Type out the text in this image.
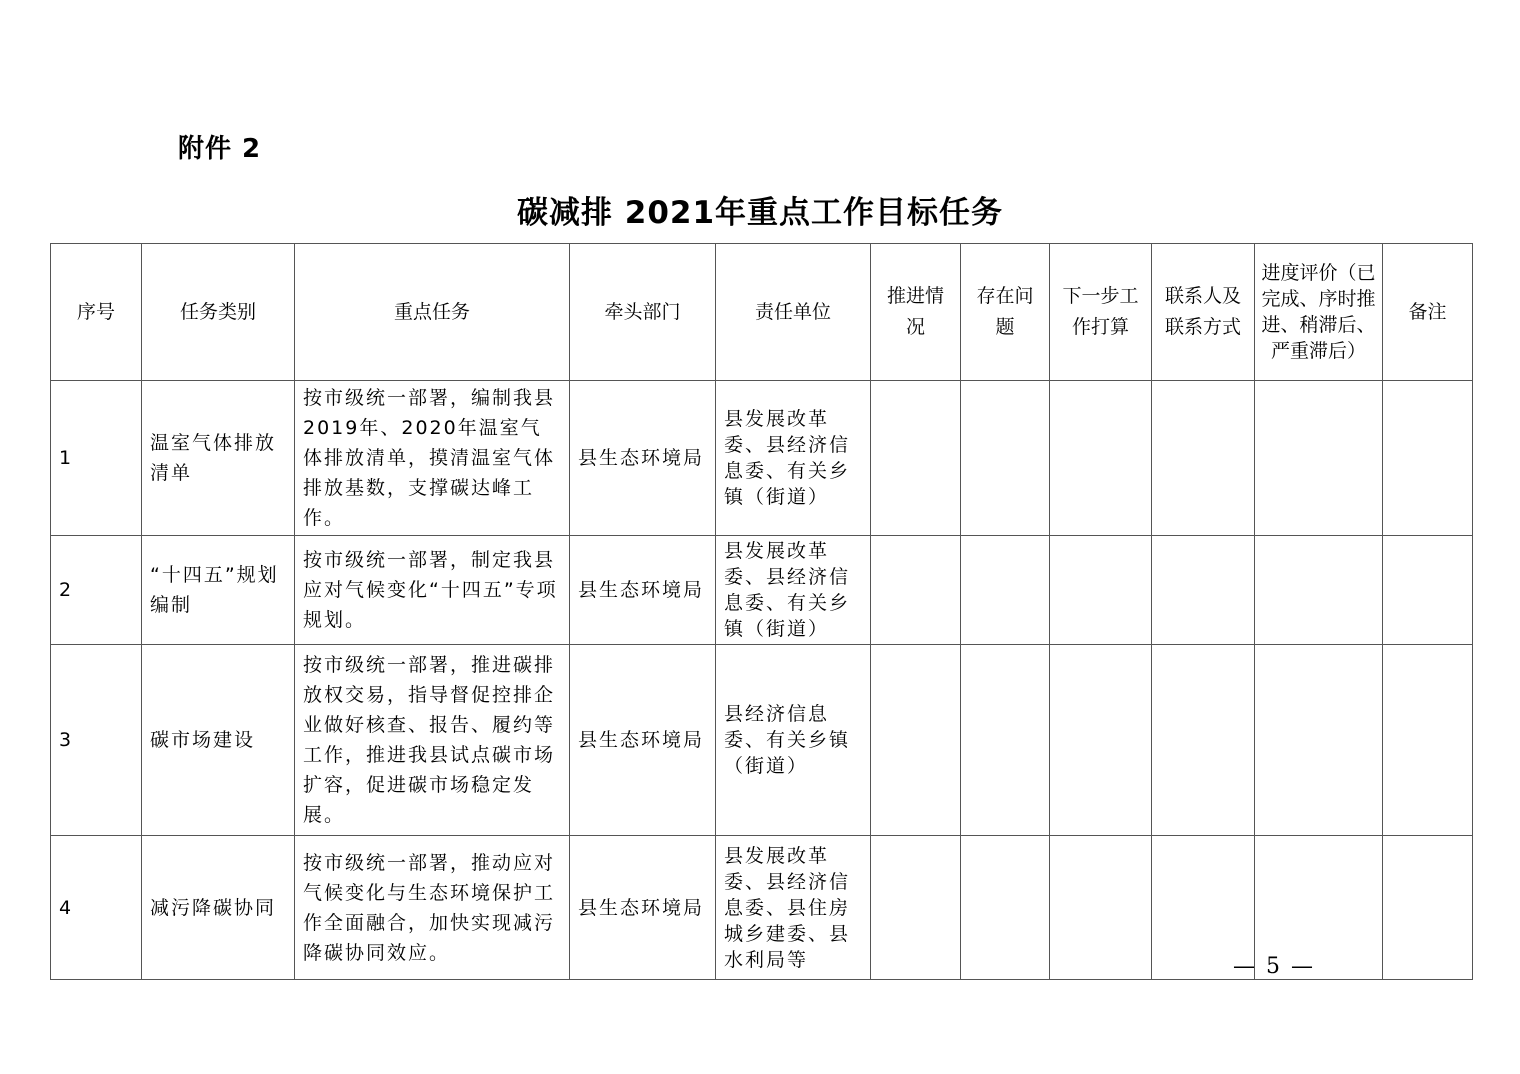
附件 2
碳减排 2021年重点工作目标任务
序号	任务类别	重点任务	牵头部门	责任单位	推进情况	存在问题	下一步工作打算	联系人及联系方式	进度评价（已完成、序时推进、稍滞后、严重滞后）	备注
1	温室气体排放清单	按市级统一部署，编制我县2019年、2020年温室气体排放清单，摸清温室气体排放基数，支撑碳达峰工作。	县生态环境局	县发展改革委、县经济信息委、有关乡镇（街道）						
2	“十四五”规划编制	按市级统一部署，制定我县应对气候变化“十四五”专项规划。	县生态环境局	县发展改革委、县经济信息委、有关乡镇（街道）						
3	碳市场建设	按市级统一部署，推进碳排放权交易，指导督促控排企业做好核查、报告、履约等工作，推进我县试点碳市场扩容，促进碳市场稳定发展。	县生态环境局	县经济信息委、有关乡镇（街道）						
4	减污降碳协同	按市级统一部署，推动应对气候变化与生态环境保护工作全面融合，加快实现减污降碳协同效应。	县生态环境局	县发展改革委、县经济信息委、县住房城乡建委、县水利局等							— 5 —
